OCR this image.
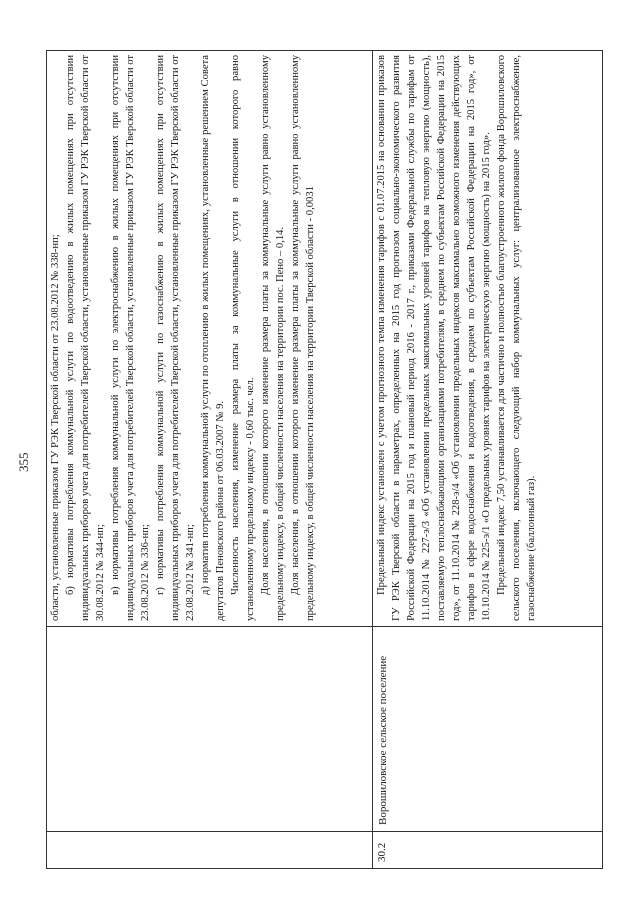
355 области, установленные приказом ГУ РЭК Тверской области от 23.08.2012 № 338-нп; б) нормативы потребления коммунальной услуги по водоотведению в жилых помещениях при отсутствии индивидуальных приборов учета для потребителей Тверской области, установленные приказом ГУ РЭК Тверской области от 30.08.2012 № 344-нп; в) нормативы потребления коммунальной услуги по электроснабжению в жилых помещениях при отсутствии индивидуальных приборов учета для потребителей Тверской области, установленные приказом ГУ РЭК Тверской области от 23.08.2012 № 336-нп; г) нормативы потребления коммунальной услуги по газоснабжению в жилых помещениях при отсутствии индивидуальных приборов учета для потребителей Тверской области, установленные приказом ГУ РЭК Тверской области от 23.08.2012 № 341-нп; д) норматив потребления коммунальной услуги по отоплению в жилых помещениях, установленные решением Совета депутатов Пеновского района от 06.03.2007 № 9. Численность населения, изменение размера платы за коммунальные услуги в отношении которого равно установленному предельному индексу - 0,60 тыс. чел. Доля населения, в отношении которого изменение размера платы за коммунальные услуги равно установленному предельному индексу, в общей численности населения на территории пос. Пено – 0,14. Доля населения, в отношении которого изменение размера платы за коммунальные услуги равно установленному предельному индексу, в общей численности населения на территории Тверской области - 0,0031

30.2
Ворошиловское сельское поселение

Предельный индекс установлен с учетом прогнозного темпа изменения тарифов с 01.07.2015 на основании приказов ГУ РЭК Тверской области в параметрах, определенных на 2015 год прогнозом социально-экономического развития Российской Федерации на 2015 год и плановый период 2016 - 2017 г., приказами Федеральной службы по тарифам от 11.10.2014 № 227-э/3 «Об установлении предельных максимальных уровней тарифов на тепловую энергию (мощность), поставляемую теплоснабжающими организациями потребителям, в среднем по субъектам Российской Федерации на 2015 год», от 11.10.2014 № 228-э/4 «Об установлении предельных индексов максимально возможного изменения действующих тарифов в сфере водоснабжения и водоотведения, в среднем по субъектам Российской Федерации на 2015 год», от 10.10.2014 № 225-э/1 «О предельных уровнях тарифов на электрическую энергию (мощность) на 2015 год». Предельный индекс 7,50 устанавливается для частично и полностью благоустроенного жилого фонда Ворошиловского сельского поселения, включающего следующий набор коммунальных услуг: централизованное электроснабжение, газоснабжение (баллонный газ).
